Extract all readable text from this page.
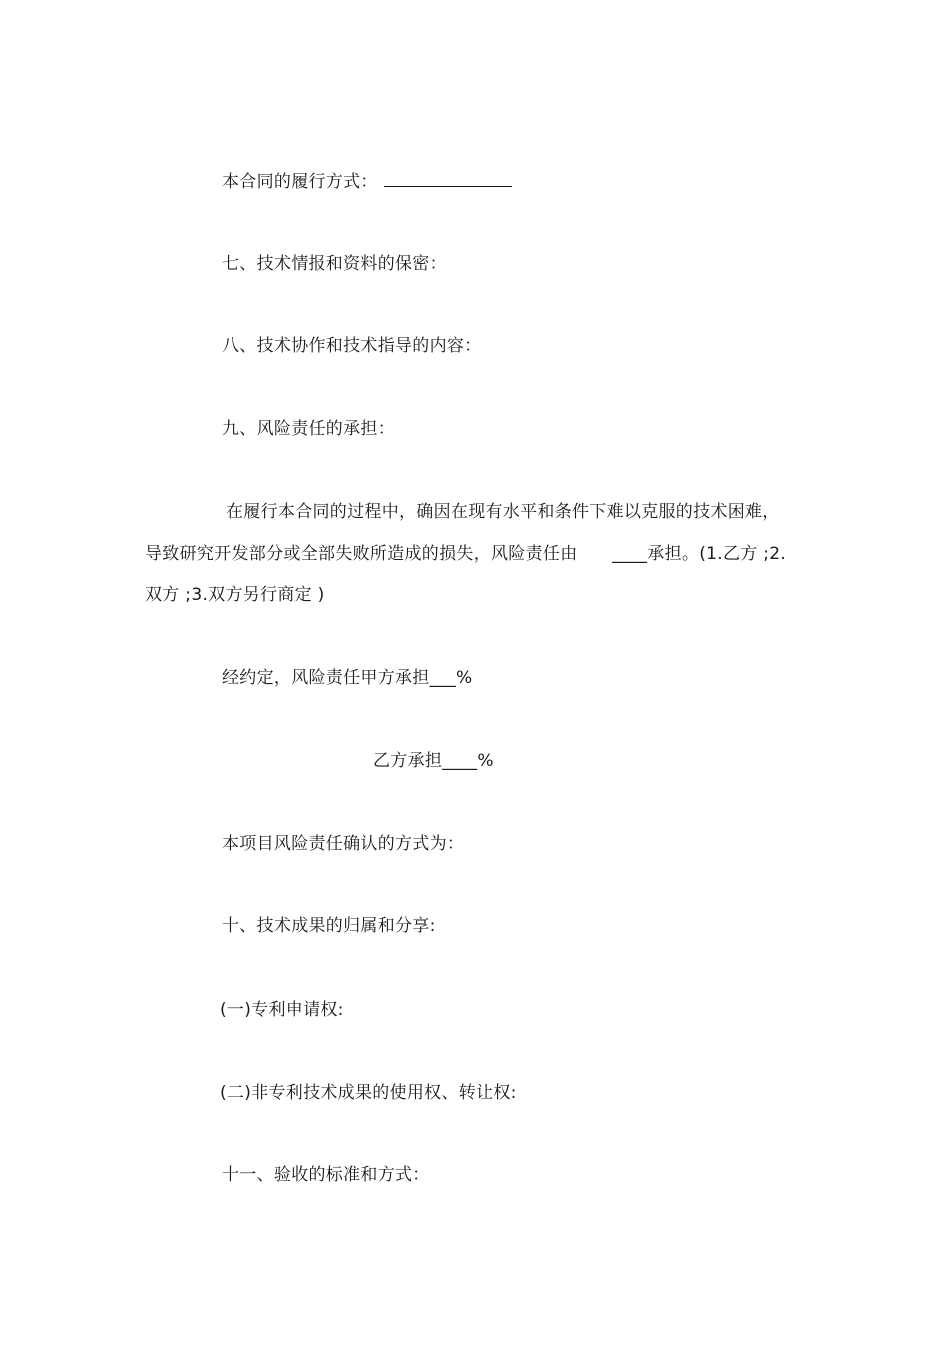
本合同的履行方式：
七、技术情报和资料的保密：
八、技术协作和技术指导的内容：
九、风险责任的承担：
在履行本合同的过程中，确因在现有水平和条件下难以克服的技术困难，
导致研究开发部分或全部失败所造成的损失，风险责任由　　____承担。(1.乙方 ;2.
双方 ;3.双方另行商定 )
经约定，风险责任甲方承担___%
乙方承担____%
本项目风险责任确认的方式为：
十、技术成果的归属和分享:
(一)专利申请权:
(二)非专利技术成果的使用权、转让权:
十一、验收的标准和方式：
